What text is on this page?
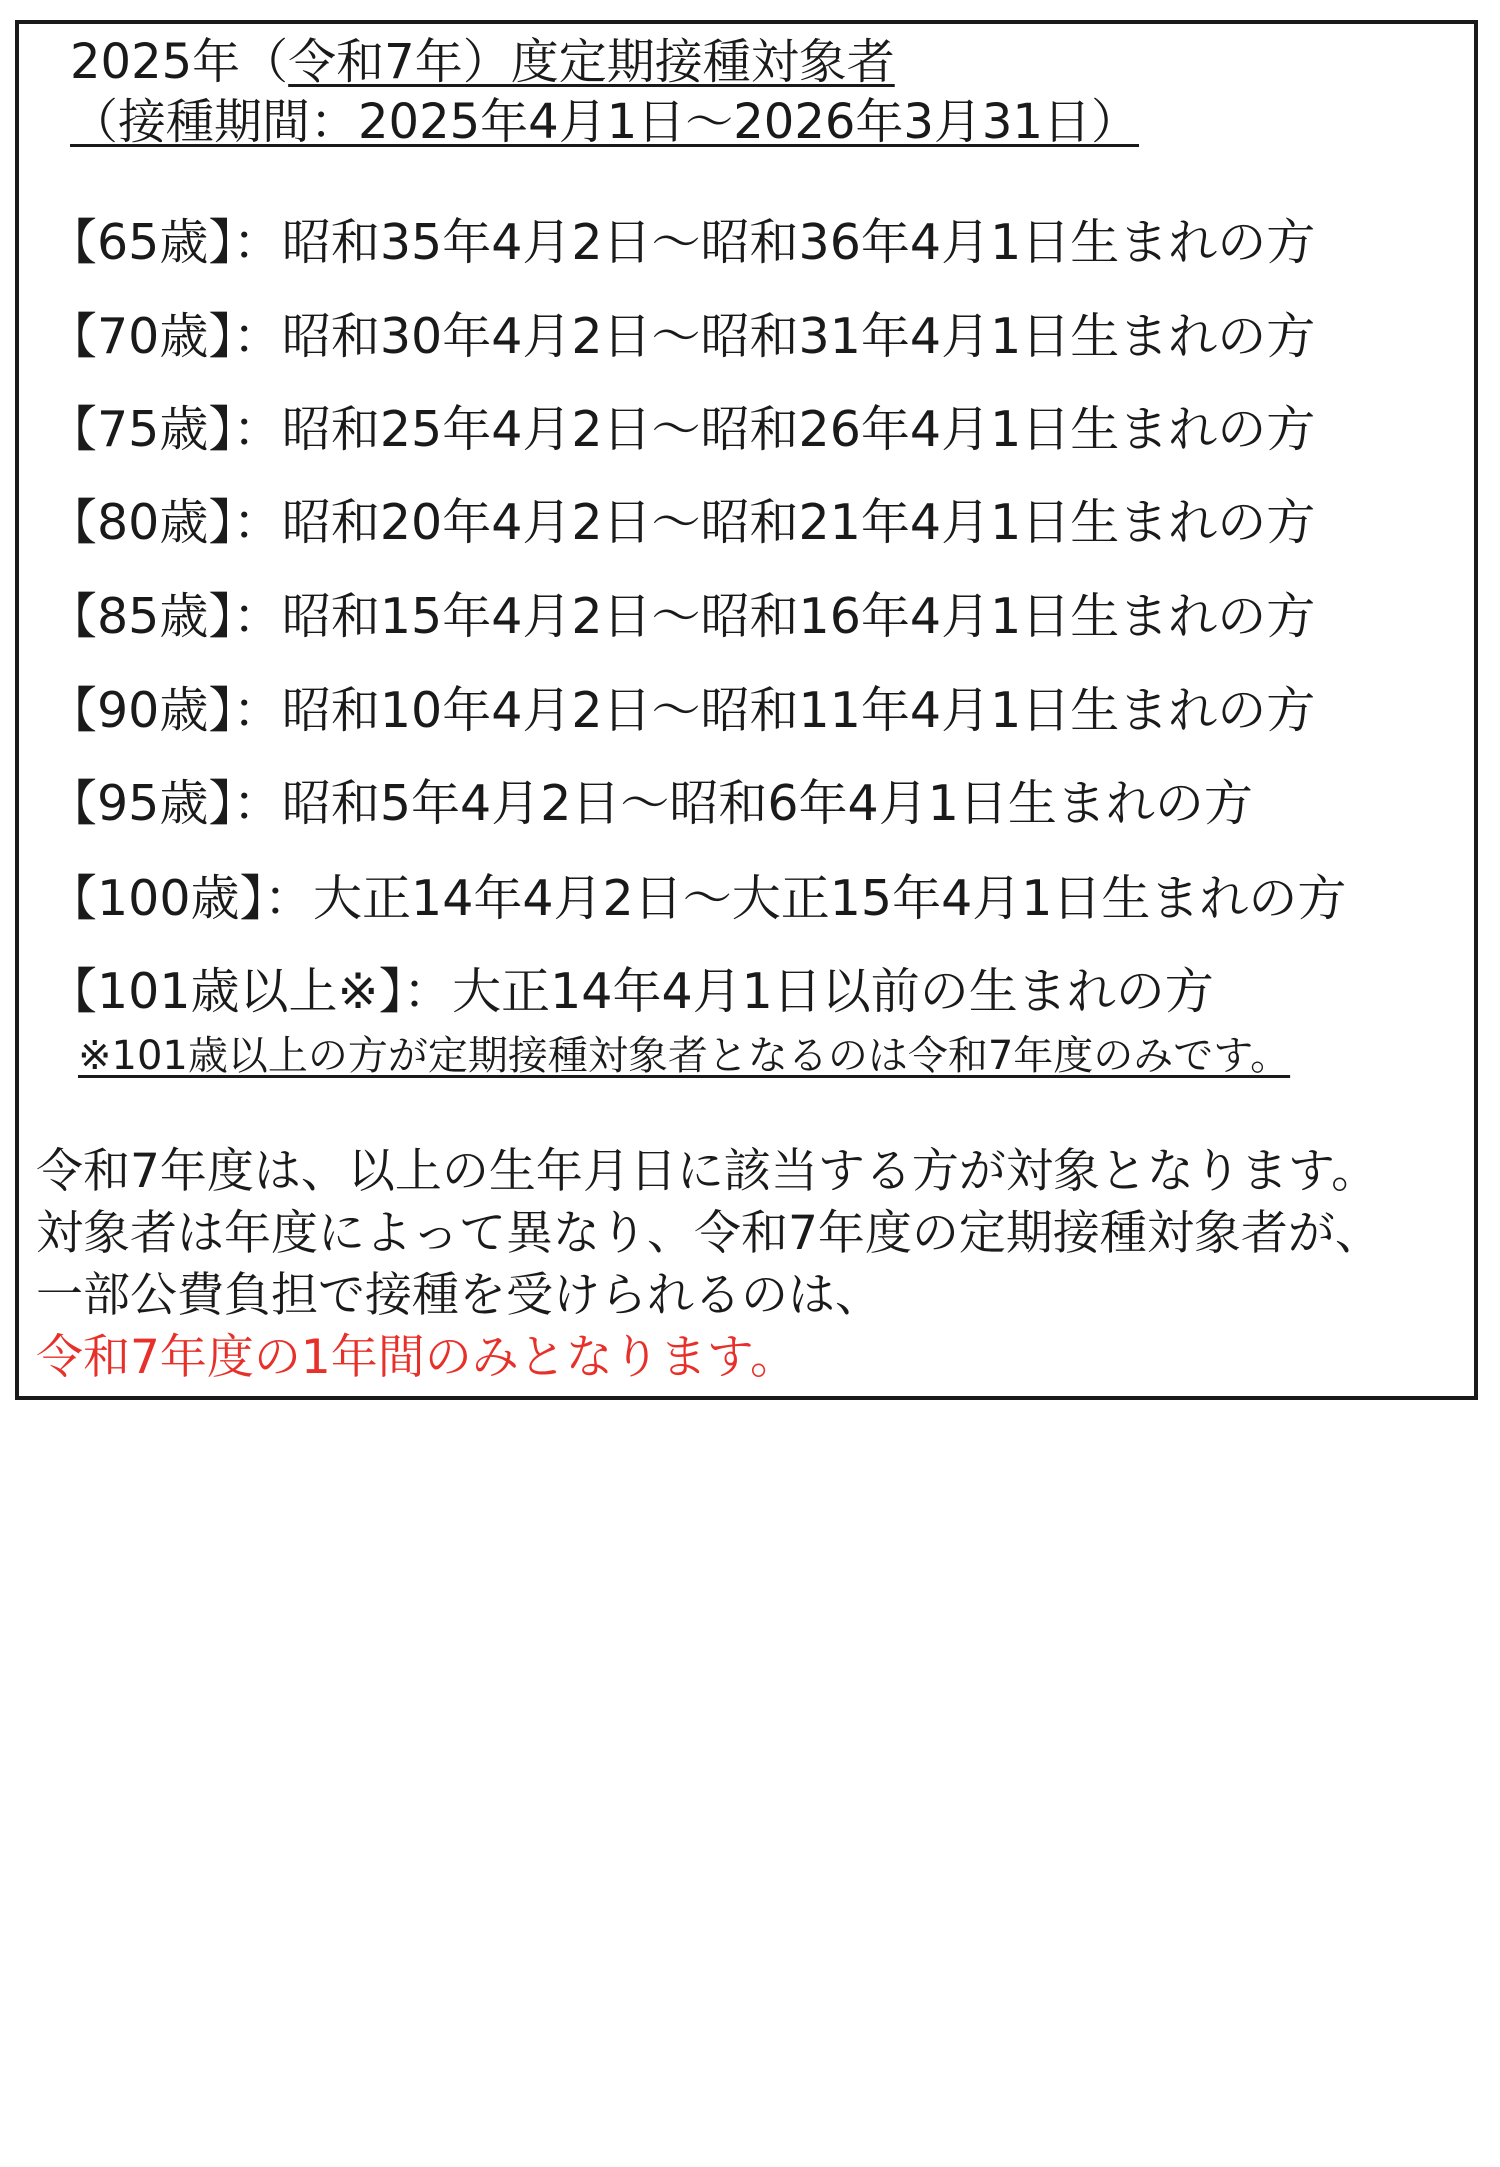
2025年（令和7年）度定期接種対象者
（接種期間：2025年4月1日～2026年3月31日）
【65歳】：昭和35年4月2日～昭和36年4月1日生まれの方
【70歳】：昭和30年4月2日～昭和31年4月1日生まれの方
【75歳】：昭和25年4月2日～昭和26年4月1日生まれの方
【80歳】：昭和20年4月2日～昭和21年4月1日生まれの方
【85歳】：昭和15年4月2日～昭和16年4月1日生まれの方
【90歳】：昭和10年4月2日～昭和11年4月1日生まれの方
【95歳】：昭和5年4月2日～昭和6年4月1日生まれの方
【100歳】：大正14年4月2日～大正15年4月1日生まれの方
【101歳以上※】：大正14年4月1日以前の生まれの方
※101歳以上の方が定期接種対象者となるのは令和7年度のみです。
令和7年度は、以上の生年月日に該当する方が対象となります。
対象者は年度によって異なり、令和7年度の定期接種対象者が、
一部公費負担で接種を受けられるのは、
令和7年度の1年間のみとなります。
